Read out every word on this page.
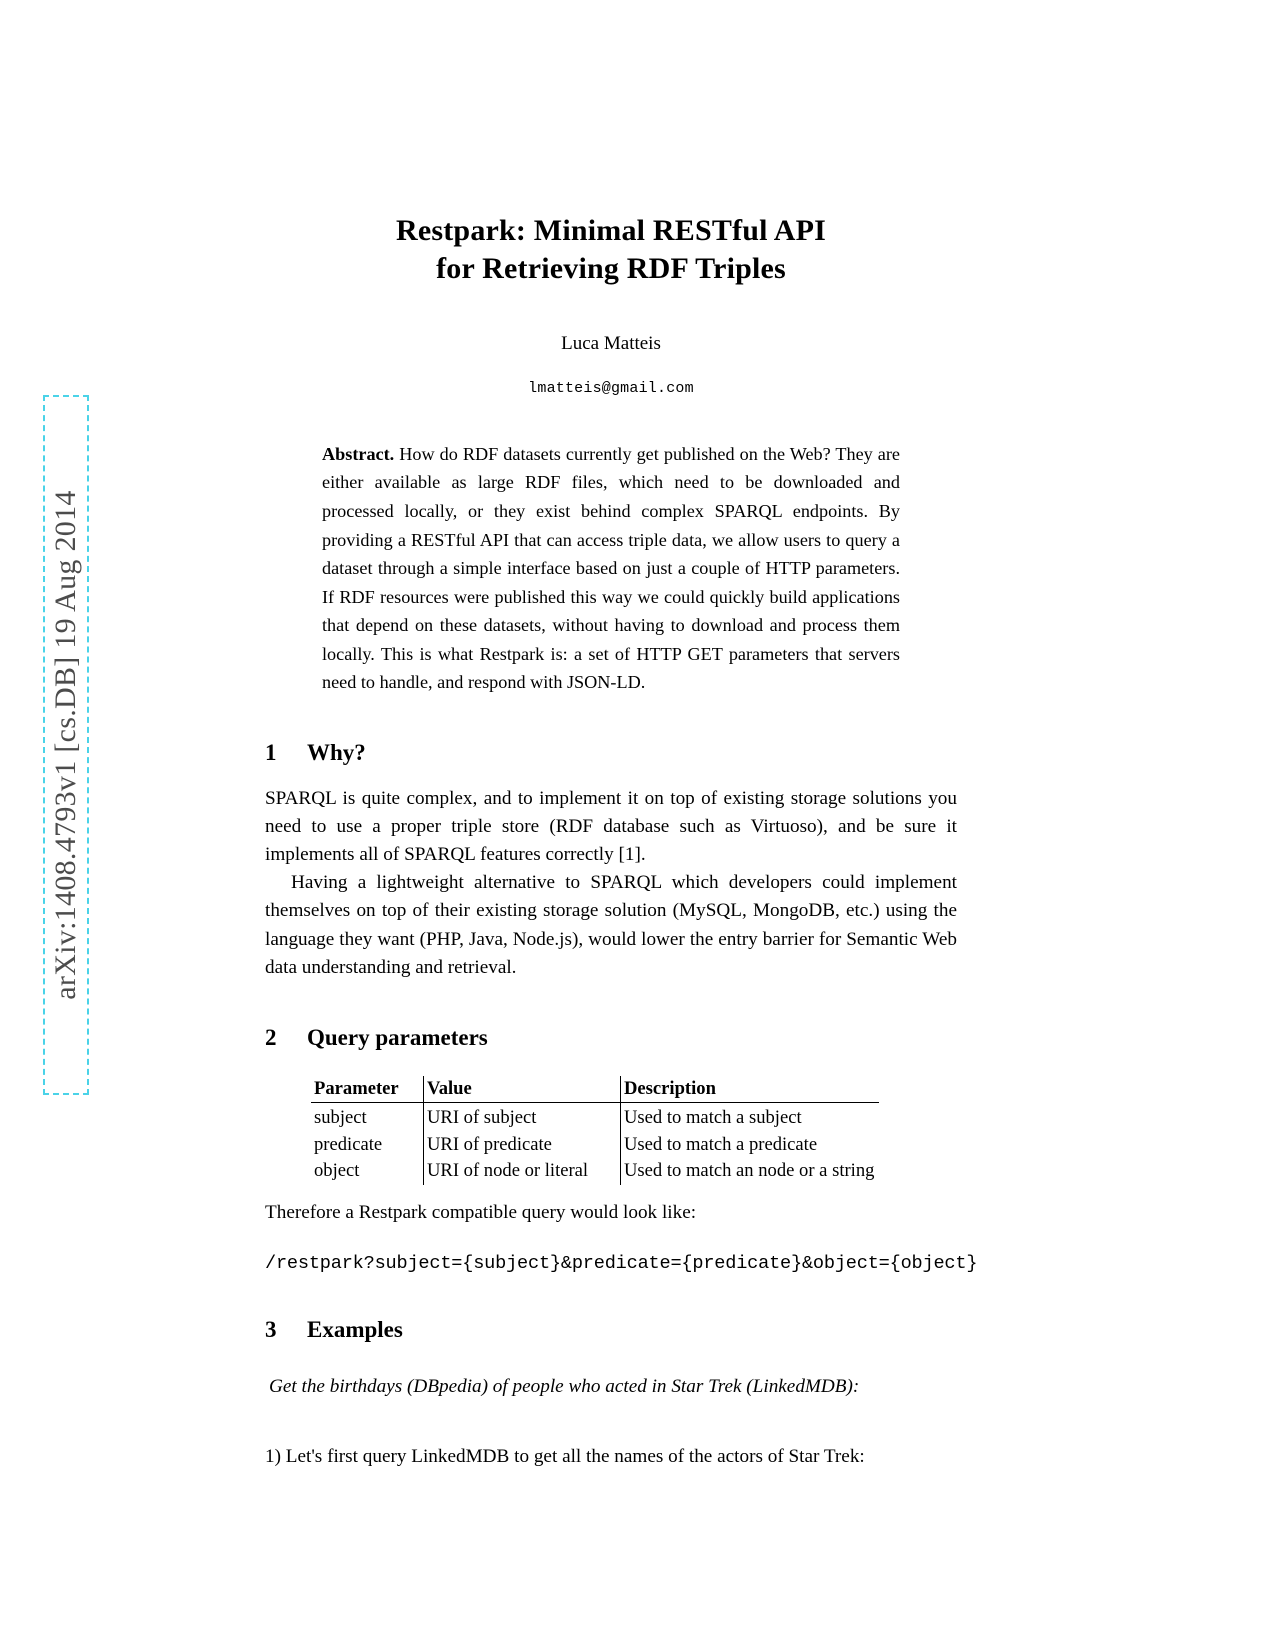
arXiv:1408.4793v1 [cs.DB] 19 Aug 2014
Restpark: Minimal RESTful API
for Retrieving RDF Triples
Luca Matteis
lmatteis@gmail.com
Abstract. How do RDF datasets currently get published on the Web? They are either available as large RDF files, which need to be downloaded and processed locally, or they exist behind complex SPARQL endpoints. By providing a RESTful API that can access triple data, we allow users to query a dataset through a simple interface based on just a couple of HTTP parameters. If RDF resources were published this way we could quickly build applications that depend on these datasets, without having to download and process them locally. This is what Restpark is: a set of HTTP GET parameters that servers need to handle, and respond with JSON-LD.
1 Why?

SPARQL is quite complex, and to implement it on top of existing storage solutions you need to use a proper triple store (RDF database such as Virtuoso), and be sure it implements all of SPARQL features correctly [1].

Having a lightweight alternative to SPARQL which developers could implement themselves on top of their existing storage solution (MySQL, MongoDB, etc.) using the language they want (PHP, Java, Node.js), would lower the entry barrier for Semantic Web data understanding and retrieval.

2 Query parameters
Parameter	Value	Description
subject	URI of subject	Used to match a subject
predicate	URI of predicate	Used to match a predicate
object	URI of node or literal	Used to match an node or a string

Therefore a Restpark compatible query would look like:

/restpark?subject={subject}&predicate={predicate}&object={object}
3 Examples

Get the birthdays (DBpedia) of people who acted in Star Trek (LinkedMDB):

1) Let's first query LinkedMDB to get all the names of the actors of Star Trek:
